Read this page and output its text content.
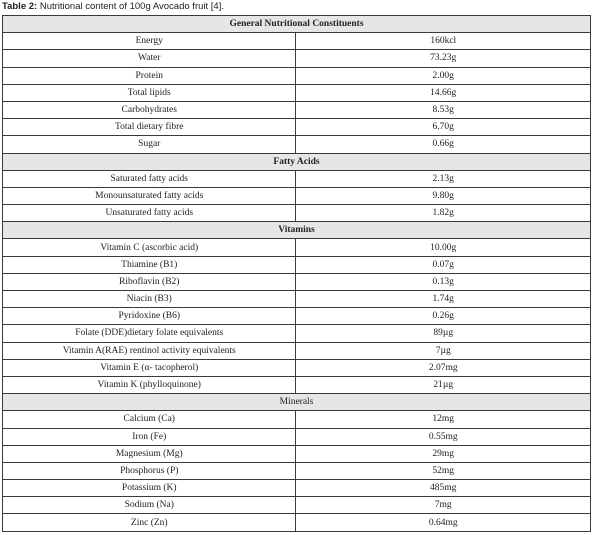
Table 2: Nutritional content of 100g Avocado fruit [4].
General Nutritional Constituents	
Energy	160kcl
Water	73.23g
Protein	2.00g
Total lipids	14.66g
Carbohydrates	8.53g
Total dietary fibre	6.70g
Sugar	0.66g
Fatty Acids	
Saturated fatty acids	2.13g
Monounsaturated fatty acids	9.80g
Unsaturated fatty acids	1.82g
Vitamins	
Vitamin C (ascorbic acid)	10.00g
Thiamine (B1)	0.07g
Riboflavin (B2)	0.13g
Niacin (B3)	1.74g
Pyridoxine (B6)	0.26g
Folate (DDE)dietary folate equivalents	89µg
Vitamin A(RAE) rentinol activity equivalents	7µg
Vitamin E (α- tacopherol)	2.07mg
Vitamin K (phylloquinone)	21µg
Minerals	
Calcium (Ca)	12mg
Iron (Fe)	0.55mg
Magnesium (Mg)	29mg
Phosphorus (P)	52mg
Potassium (K)	485mg
Sodium (Na)	7mg
Zinc (Zn)	0.64mg
